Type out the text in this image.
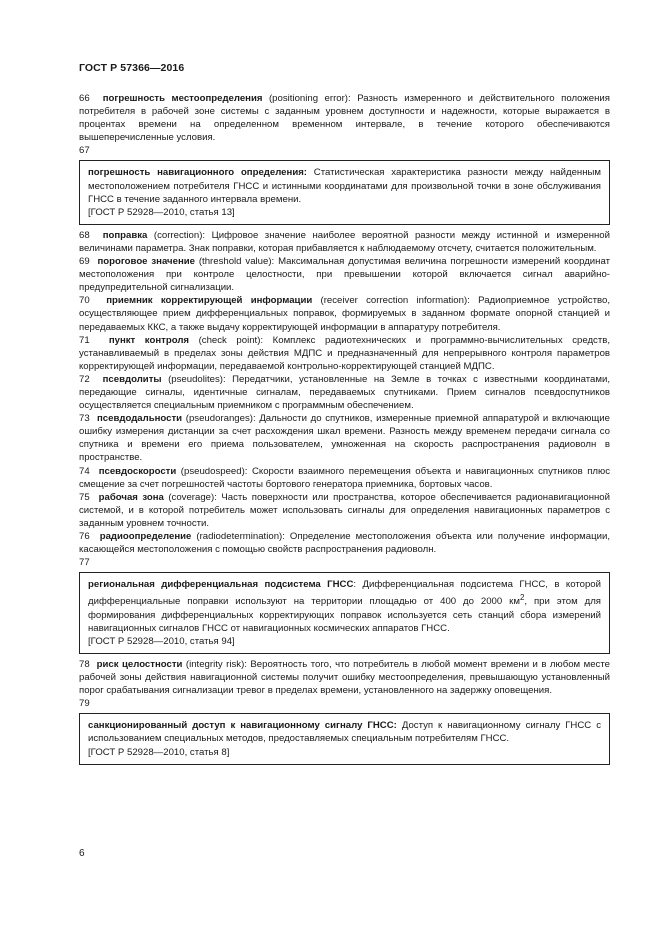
ГОСТ Р 57366—2016

66 погрешность местоопределения (positioning error): Разность измеренного и действительного положения потребителя в рабочей зоне системы с заданным уровнем доступности и надежности, которые выражается в процентах времени на определенном временном интервале, в течение которого обеспечиваются вышеперечисленные условия.

67

погрешность навигационного определения: Статистическая характеристика разности между найденным местоположением потребителя ГНСС и истинными координатами для произвольной точки в зоне обслуживания ГНСС в течение заданного интервала времени.

[ГОСТ Р 52928—2010, статья 13]

68 поправка (correction): Цифровое значение наиболее вероятной разности между истинной и измеренной величинами параметра. Знак поправки, которая прибавляется к наблюдаемому отсчету, считается положительным.

69 пороговое значение (threshold value): Максимальная допустимая величина погрешности измерений координат местоположения при контроле целостности, при превышении которой включается сигнал аварийно-предупредительной сигнализации.

70 приемник корректирующей информации (receiver correction information): Радиоприемное устройство, осуществляющее прием дифференциальных поправок, формируемых в заданном формате опорной станцией и передаваемых ККС, а также выдачу корректирующей информации в аппаратуру потребителя.

71 пункт контроля (check point): Комплекс радиотехнических и программно-вычислительных средств, устанавливаемый в пределах зоны действия МДПС и предназначенный для непрерывного контроля параметров корректирующей информации, передаваемой контрольно-корректирующей станцией МДПС.

72 псевдолиты (pseudolites): Передатчики, установленные на Земле в точках с известными координатами, передающие сигналы, идентичные сигналам, передаваемых спутниками. Прием сигналов псевдоспутников осуществляется специальным приемником с программным обеспечением.

73 псевдодальности (pseudoranges): Дальности до спутников, измеренные приемной аппаратурой и включающие ошибку измерения дистанции за счет расхождения шкал времени. Разность между временем передачи сигнала со спутника и времени его приема пользователем, умноженная на скорость распространения радиоволн в пространстве.

74 псевдоскорости (pseudospeed): Скорости взаимного перемещения объекта и навигационных спутников плюс смещение за счет погрешностей частоты бортового генератора приемника, бортовых часов.

75 рабочая зона (coverage): Часть поверхности или пространства, которое обеспечивается радионавигационной системой, и в которой потребитель может использовать сигналы для определения навигационных параметров с заданным уровнем точности.

76 радиоопределение (radiodetermination): Определение местоположения объекта или получение информации, касающейся местоположения с помощью свойств распространения радиоволн.

77

региональная дифференциальная подсистема ГНСС: Дифференциальная подсистема ГНСС, в которой дифференциальные поправки используют на территории площадью от 400 до 2000 $км^2$, при этом для формирования дифференциальных корректирующих поправок используется сеть станций сбора измерений навигационных сигналов ГНСС от навигационных космических аппаратов ГНСС.

[ГОСТ Р 52928—2010, статья 94]

78 риск целостности (integrity risk): Вероятность того, что потребитель в любой момент времени и в любом месте рабочей зоны действия навигационной системы получит ошибку местоопределения, превышающую установленный порог срабатывания сигнализации тревог в пределах времени, установленного на задержку оповещения.

79

санкционированный доступ к навигационному сигналу ГНСС: Доступ к навигационному сигналу ГНСС с использованием специальных методов, предоставляемых специальным потребителям ГНСС.

[ГОСТ Р 52928—2010, статья 8]

6
